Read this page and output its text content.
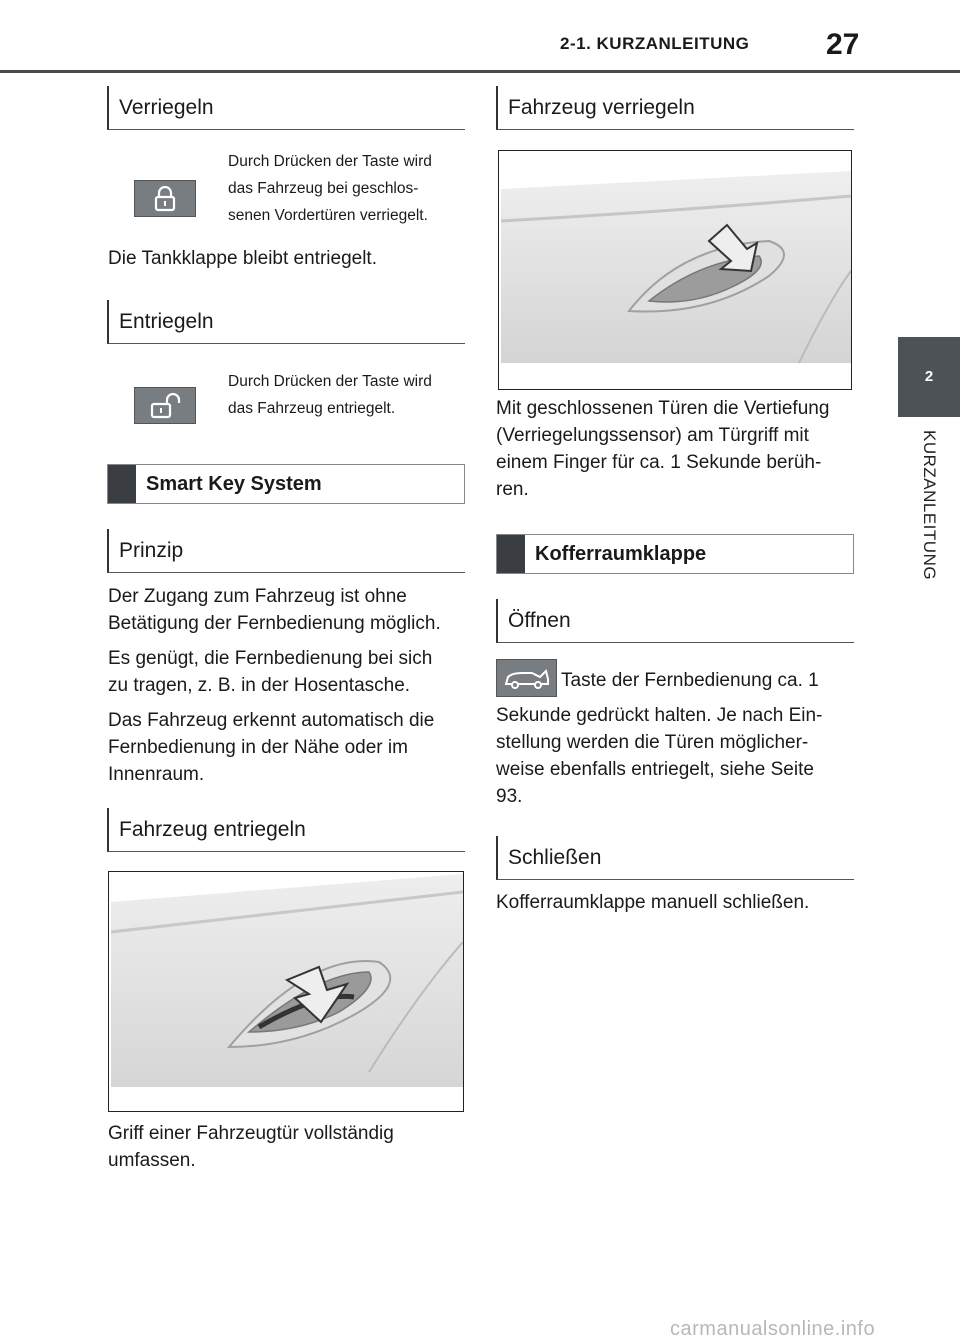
2-1. KURZANLEITUNG	27
2
KURZANLEITUNG
Verriegeln
Durch Drücken der Taste wird
das Fahrzeug bei geschlos-
senen Vordertüren verriegelt.
Die Tankklappe bleibt entriegelt.
Entriegeln
Durch Drücken der Taste wird
das Fahrzeug entriegelt.
Smart Key System
Prinzip
Der Zugang zum Fahrzeug ist ohne
Betätigung der Fernbedienung möglich.
Es genügt, die Fernbedienung bei sich
zu tragen, z. B. in der Hosentasche.
Das Fahrzeug erkennt automatisch die
Fernbedienung in der Nähe oder im
Innenraum.
Fahrzeug entriegeln
Griff einer Fahrzeugtür vollständig
umfassen.
Fahrzeug verriegeln
Mit geschlossenen Türen die Vertiefung
(Verriegelungssensor) am Türgriff mit
einem Finger für ca. 1 Sekunde berüh-
ren.
Kofferraumklappe
Öffnen
Taste der Fernbedienung ca. 1
Sekunde gedrückt halten. Je nach Ein-
stellung werden die Türen möglicher-
weise ebenfalls entriegelt, siehe Seite
93.
Schließen
Kofferraumklappe manuell schließen.
carmanualsonline.info
